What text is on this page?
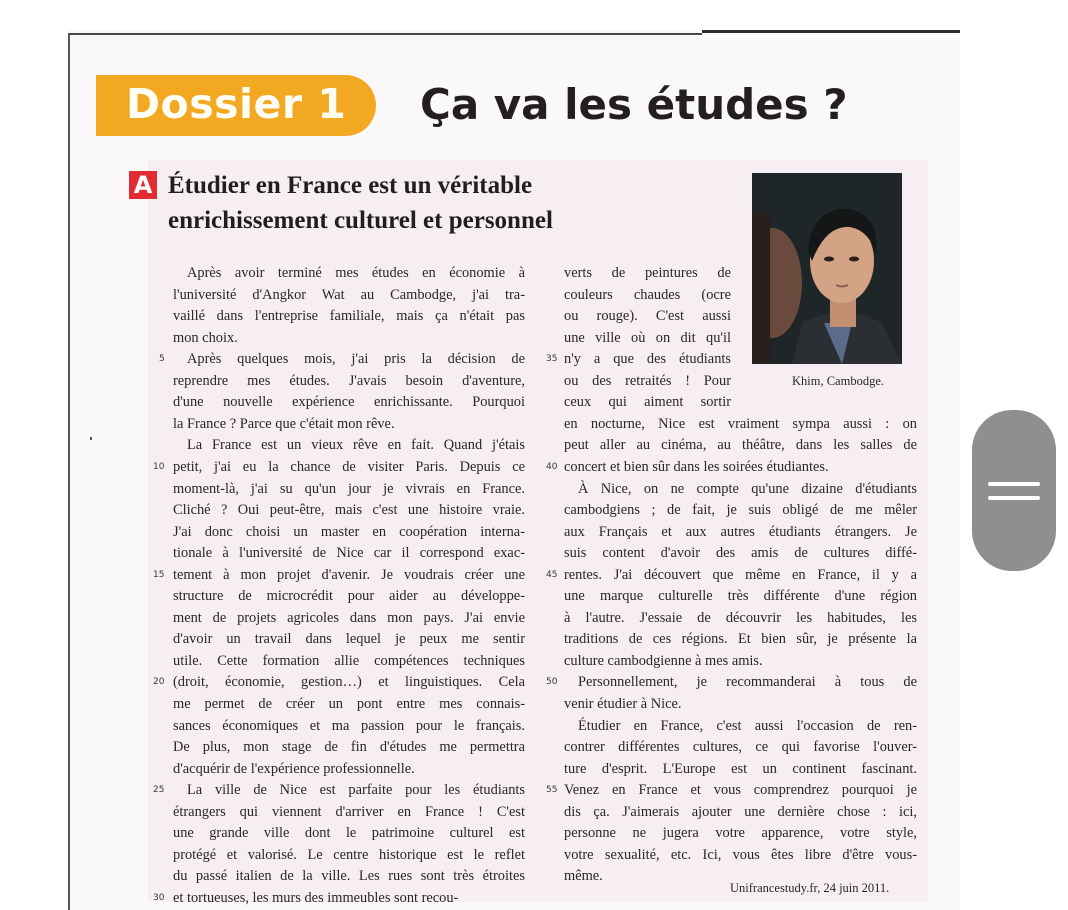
Dossier 1 Ça va les études ?
A Étudier en France est un véritable
enrichissement culturel et personnel
Khim, Cambodge.
Après avoir terminé mes études en économie à
l'université d'Angkor Wat au Cambodge, j'ai tra-
vaillé dans l'entreprise familiale, mais ça n'était pas
mon choix.
Après quelques mois, j'ai pris la décision de
reprendre mes études. J'avais besoin d'aventure,
d'une nouvelle expérience enrichissante. Pourquoi
la France ? Parce que c'était mon rêve.
La France est un vieux rêve en fait. Quand j'étais
petit, j'ai eu la chance de visiter Paris. Depuis ce
moment-là, j'ai su qu'un jour je vivrais en France.
Cliché ? Oui peut-être, mais c'est une histoire vraie.
J'ai donc choisi un master en coopération interna-
tionale à l'université de Nice car il correspond exac-
tement à mon projet d'avenir. Je voudrais créer une
structure de microcrédit pour aider au développe-
ment de projets agricoles dans mon pays. J'ai envie
d'avoir un travail dans lequel je peux me sentir
utile. Cette formation allie compétences techniques
(droit, économie, gestion…) et linguistiques. Cela
me permet de créer un pont entre mes connais-
sances économiques et ma passion pour le français.
De plus, mon stage de fin d'études me permettra
d'acquérir de l'expérience professionnelle.
La ville de Nice est parfaite pour les étudiants
étrangers qui viennent d'arriver en France ! C'est
une grande ville dont le patrimoine culturel est
protégé et valorisé. Le centre historique est le reflet
du passé italien de la ville. Les rues sont très étroites
et tortueuses, les murs des immeubles sont recou-
verts de peintures de
couleurs chaudes (ocre
ou rouge). C'est aussi
une ville où on dit qu'il
n'y a que des étudiants
ou des retraités ! Pour
ceux qui aiment sortir
en nocturne, Nice est vraiment sympa aussi : on
peut aller au cinéma, au théâtre, dans les salles de
concert et bien sûr dans les soirées étudiantes.
À Nice, on ne compte qu'une dizaine d'étudiants
cambodgiens ; de fait, je suis obligé de me mêler
aux Français et aux autres étudiants étrangers. Je
suis content d'avoir des amis de cultures diffé-
rentes. J'ai découvert que même en France, il y a
une marque culturelle très différente d'une région
à l'autre. J'essaie de découvrir les habitudes, les
traditions de ces régions. Et bien sûr, je présente la
culture cambodgienne à mes amis.
Personnellement, je recommanderai à tous de
venir étudier à Nice.
Étudier en France, c'est aussi l'occasion de ren-
contrer différentes cultures, ce qui favorise l'ouver-
ture d'esprit. L'Europe est un continent fascinant.
Venez en France et vous comprendrez pourquoi je
dis ça. J'aimerais ajouter une dernière chose : ici,
personne ne jugera votre apparence, votre style,
votre sexualité, etc. Ici, vous êtes libre d'être vous-
même.
5
10
15
20
25
30
35
40
45
50
55
Unifrancestudy.fr, 24 juin 2011.
